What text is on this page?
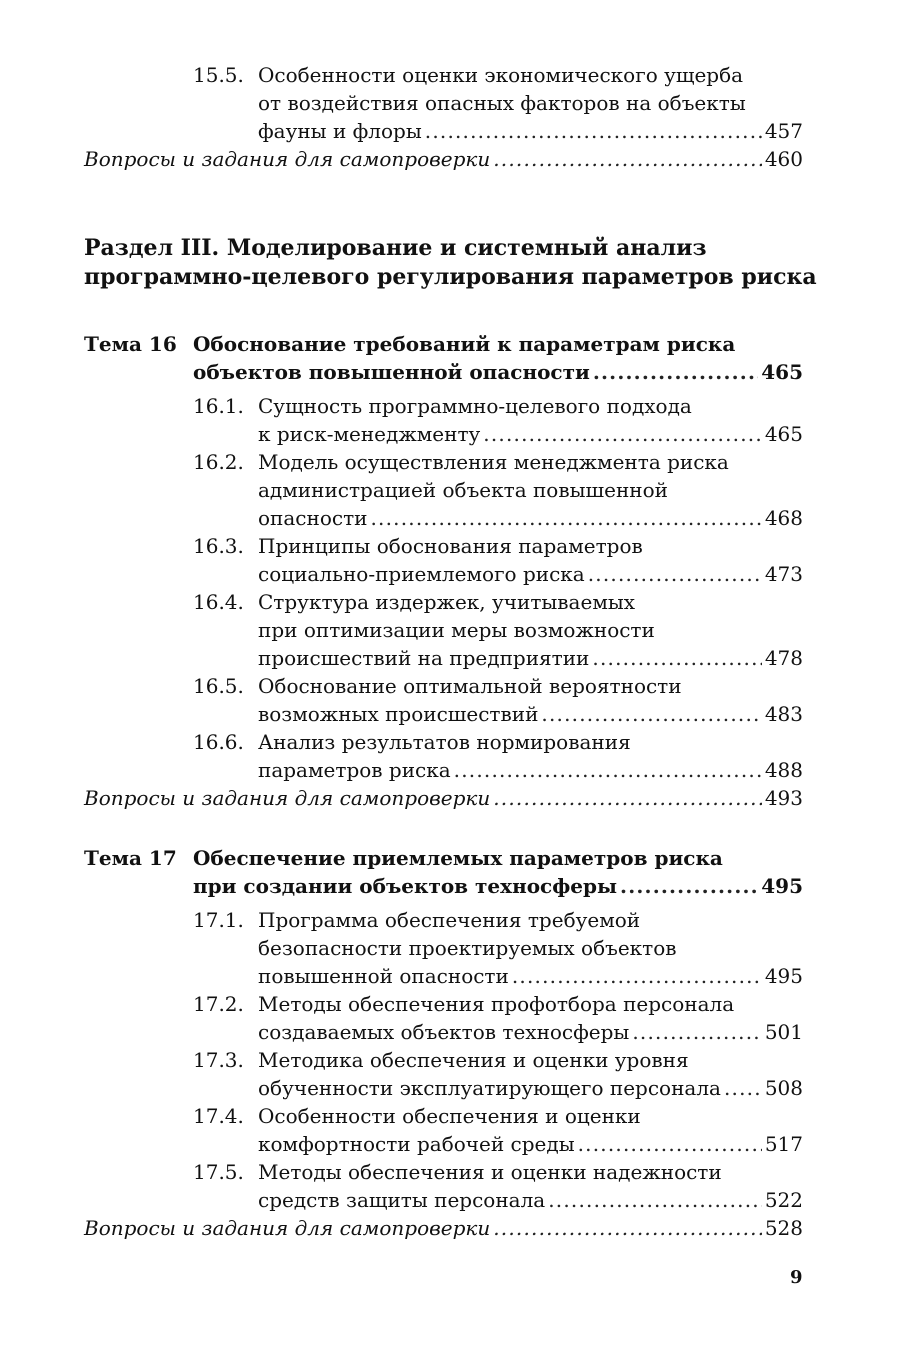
15.5. Особенности оценки экономического ущерба
от воздействия опасных факторов на объекты
фауны и флоры .....	457
Вопросы и задания для самопроверки .....	460
Раздел III. Моделирование и системный анализ
программно-целевого регулирования параметров риска
Тема 16 Обоснование требований к параметрам риска
объектов повышенной опасности .....	465
16.1. Сущность программно-целевого подхода
к риск-менеджменту .....	465
16.2. Модель осуществления менеджмента риска
администрацией объекта повышенной
опасности .....	468
16.3. Принципы обоснования параметров
социально-приемлемого риска .....	473
16.4. Структура издержек, учитываемых
при оптимизации меры возможности
происшествий на предприятии .....	478
16.5. Обоснование оптимальной вероятности
возможных происшествий .....	483
16.6. Анализ результатов нормирования
параметров риска .....	488
Вопросы и задания для самопроверки .....	493
Тема 17 Обеспечение приемлемых параметров риска
при создании объектов техносферы .....	495
17.1. Программа обеспечения требуемой
безопасности проектируемых объектов
повышенной опасности .....	495
17.2. Методы обеспечения профотбора персонала
создаваемых объектов техносферы .....	501
17.3. Методика обеспечения и оценки уровня
обученности эксплуатирующего персонала ..... 508
17.4. Особенности обеспечения и оценки
комфортности рабочей среды .....	517
17.5. Методы обеспечения и оценки надежности
средств защиты персонала .....	522
Вопросы и задания для самопроверки .....	528
9
